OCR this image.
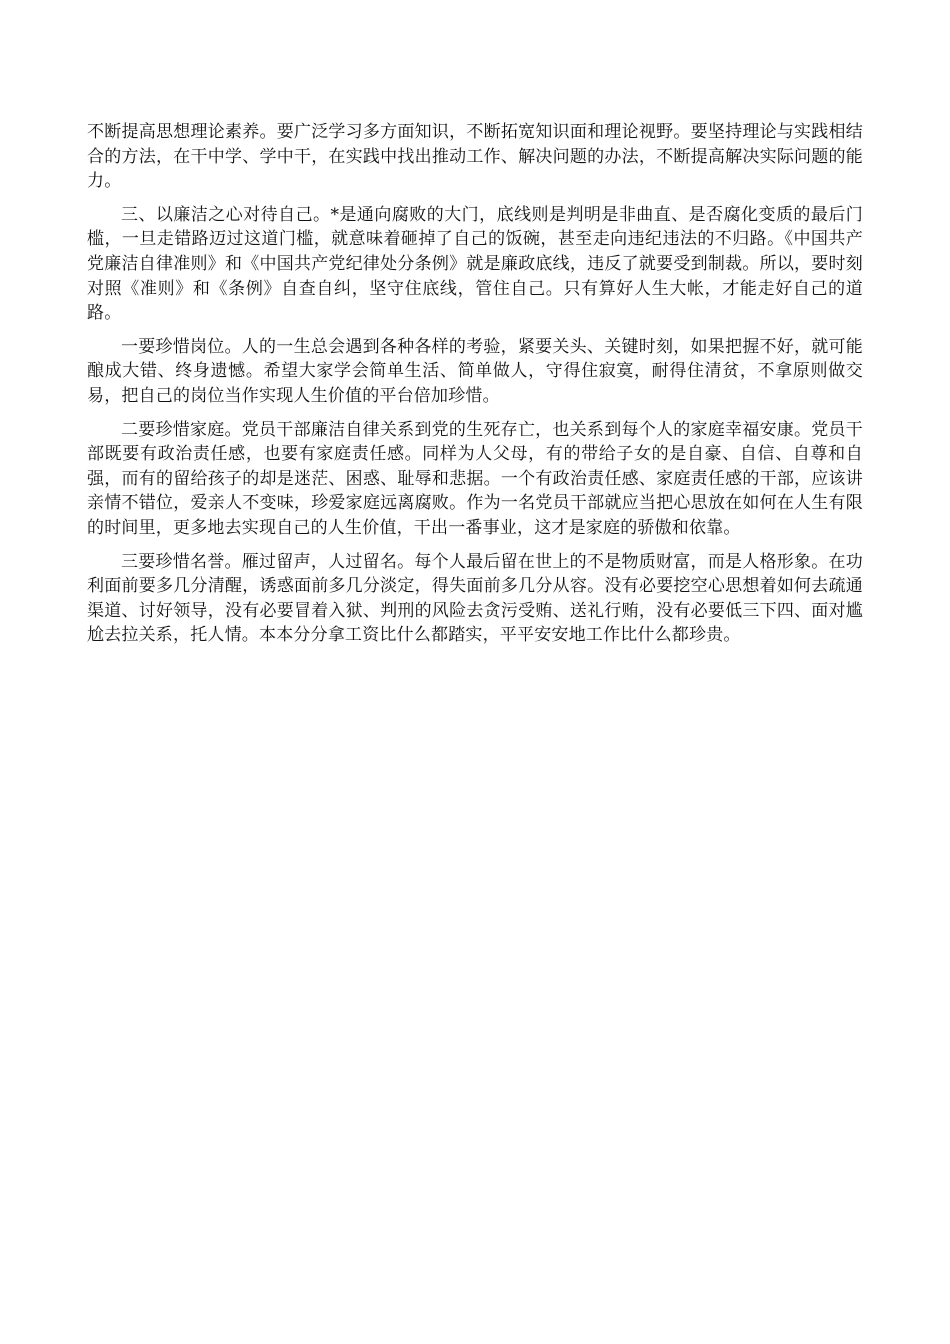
不断提高思想理论素养。要广泛学习多方面知识，不断拓宽知识面和理论视野。要坚持理论与实践相结合的方法，在干中学、学中干，在实践中找出推动工作、解决问题的办法，不断提高解决实际问题的能力。

三、以廉洁之心对待自己。*是通向腐败的大门，底线则是判明是非曲直、是否腐化变质的最后门槛，一旦走错路迈过这道门槛，就意味着砸掉了自己的饭碗，甚至走向违纪违法的不归路。《中国共产党廉洁自律准则》和《中国共产党纪律处分条例》就是廉政底线，违反了就要受到制裁。所以，要时刻对照《准则》和《条例》自查自纠，坚守住底线，管住自己。只有算好人生大帐，才能走好自己的道路。

一要珍惜岗位。人的一生总会遇到各种各样的考验，紧要关头、关键时刻，如果把握不好，就可能酿成大错、终身遗憾。希望大家学会简单生活、简单做人，守得住寂寞，耐得住清贫，不拿原则做交易，把自己的岗位当作实现人生价值的平台倍加珍惜。

二要珍惜家庭。党员干部廉洁自律关系到党的生死存亡，也关系到每个人的家庭幸福安康。党员干部既要有政治责任感，也要有家庭责任感。同样为人父母，有的带给子女的是自豪、自信、自尊和自强，而有的留给孩子的却是迷茫、困惑、耻辱和悲据。一个有政治责任感、家庭责任感的干部，应该讲亲情不错位，爱亲人不变味，珍爱家庭远离腐败。作为一名党员干部就应当把心思放在如何在人生有限的时间里，更多地去实现自己的人生价值，干出一番事业，这才是家庭的骄傲和依靠。

三要珍惜名誉。雁过留声，人过留名。每个人最后留在世上的不是物质财富，而是人格形象。在功利面前要多几分清醒，诱惑面前多几分淡定，得失面前多几分从容。没有必要挖空心思想着如何去疏通渠道、讨好领导，没有必要冒着入狱、判刑的风险去贪污受贿、送礼行贿，没有必要低三下四、面对尴尬去拉关系，托人情。本本分分拿工资比什么都踏实，平平安安地工作比什么都珍贵。
